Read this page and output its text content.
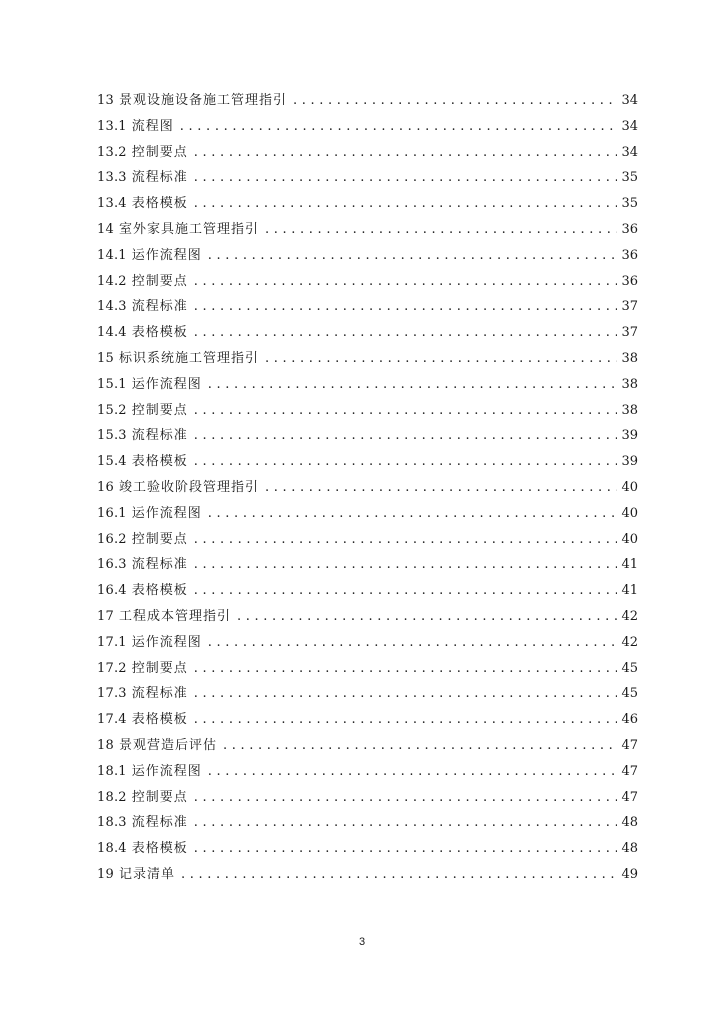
13 景观设施设备施工管理指引 . . .	34
13.1 流程图 . . .	34
13.2 控制要点 . . .	34
13.3 流程标准 . . .	35
13.4 表格模板 . . .	35
14 室外家具施工管理指引 . . .	36
14.1 运作流程图 . . .	36
14.2 控制要点 . . .	36
14.3 流程标准 . . .	37
14.4 表格模板 . . .	37
15 标识系统施工管理指引 . . .	38
15.1 运作流程图 . . .	38
15.2 控制要点 . . .	38
15.3 流程标准 . . .	39
15.4 表格模板 . . .	39
16 竣工验收阶段管理指引 . . .	40
16.1 运作流程图 . . .	40
16.2 控制要点 . . .	40
16.3 流程标准 . . .	41
16.4 表格模板 . . .	41
17 工程成本管理指引 . . .	42
17.1 运作流程图 . . .	42
17.2 控制要点 . . .	45
17.3 流程标准 . . .	45
17.4 表格模板 . . .	46
18 景观营造后评估 . . .	47
18.1 运作流程图 . . .	47
18.2 控制要点 . . .	47
18.3 流程标准 . . .	48
18.4 表格模板 . . .	48
19 记录清单 . . .	49
3
